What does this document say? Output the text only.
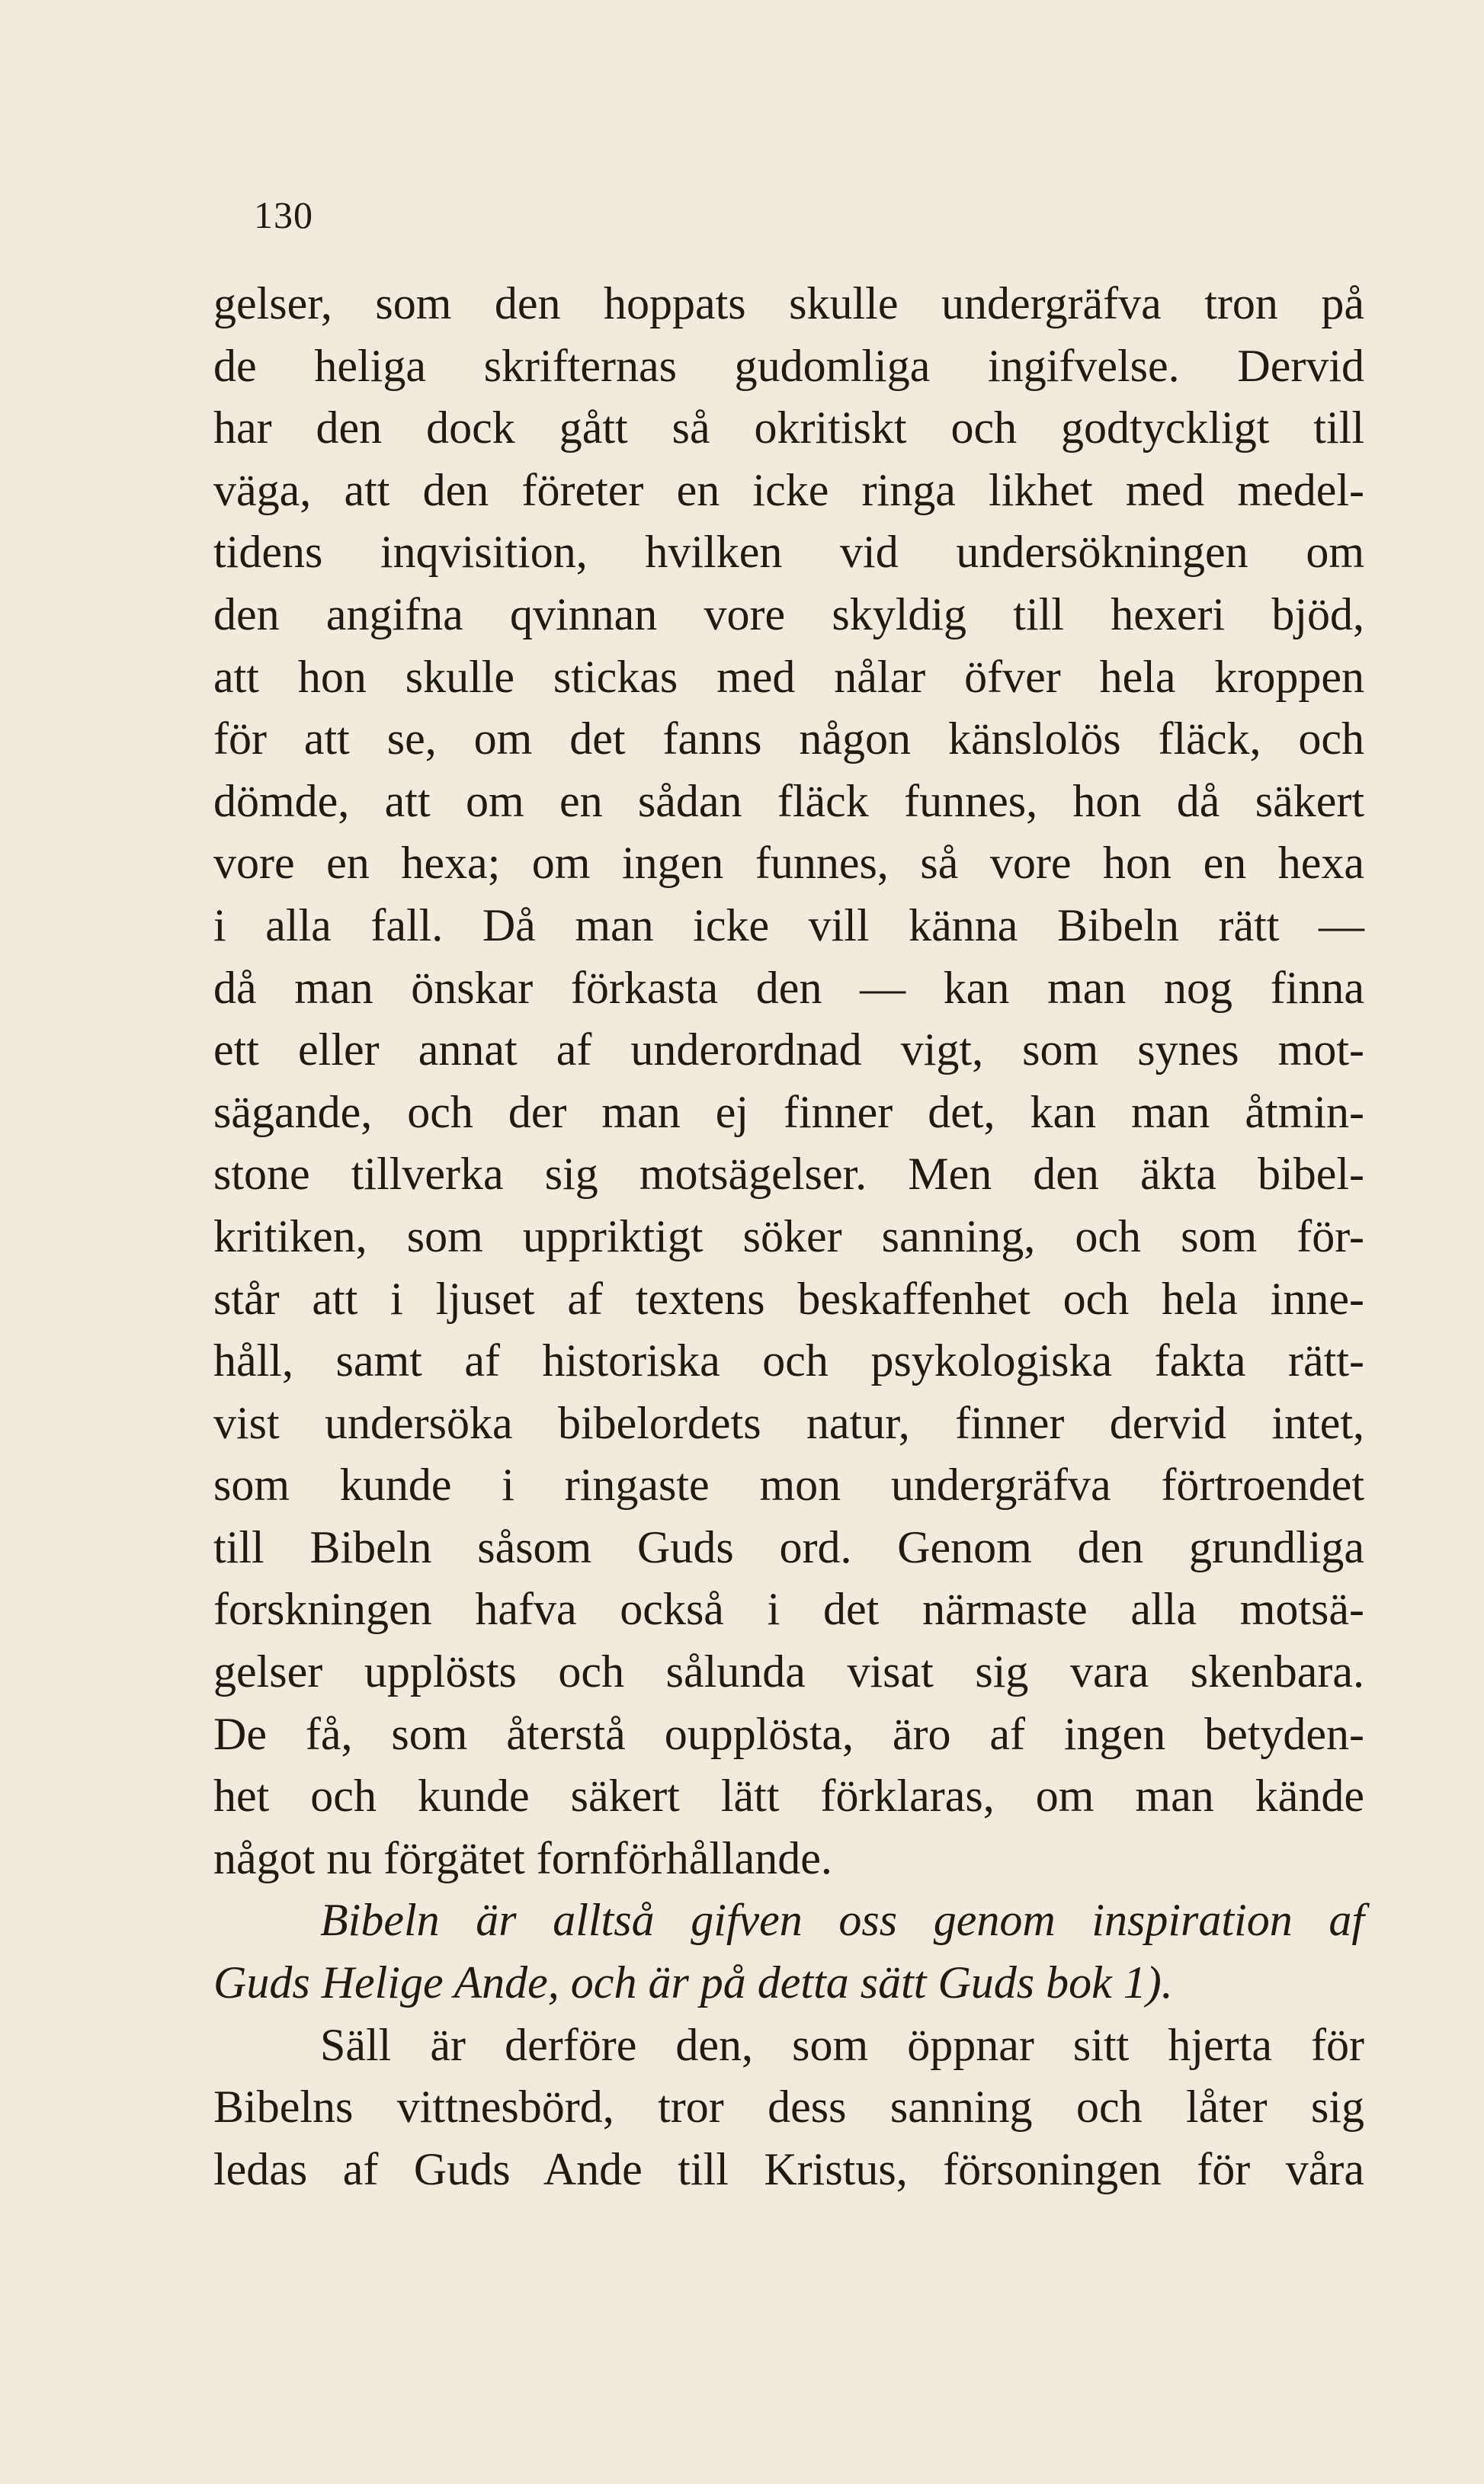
130
gelser, som den hoppats skulle undergräfva tron på
de heliga skrifternas gudomliga ingifvelse. Dervid
har den dock gått så okritiskt och godtyckligt till
väga, att den företer en icke ringa likhet med medel-
tidens inqvisition, hvilken vid undersökningen om
den angifna qvinnan vore skyldig till hexeri bjöd,
att hon skulle stickas med nålar öfver hela kroppen
för att se, om det fanns någon känslolös fläck, och
dömde, att om en sådan fläck funnes, hon då säkert
vore en hexa; om ingen funnes, så vore hon en hexa
i alla fall. Då man icke vill känna Bibeln rätt —
då man önskar förkasta den — kan man nog finna
ett eller annat af underordnad vigt, som synes mot-
sägande, och der man ej finner det, kan man åtmin-
stone tillverka sig motsägelser. Men den äkta bibel-
kritiken, som uppriktigt söker sanning, och som för-
står att i ljuset af textens beskaffenhet och hela inne-
håll, samt af historiska och psykologiska fakta rätt-
vist undersöka bibelordets natur, finner dervid intet,
som kunde i ringaste mon undergräfva förtroendet
till Bibeln såsom Guds ord. Genom den grundliga
forskningen hafva också i det närmaste alla motsä-
gelser upplösts och sålunda visat sig vara skenbara.
De få, som återstå oupplösta, äro af ingen betyden-
het och kunde säkert lätt förklaras, om man kände
något nu förgätet fornförhållande.
Bibeln är alltså gifven oss genom inspiration af
Guds Helige Ande, och är på detta sätt Guds bok 1).
Säll är derföre den, som öppnar sitt hjerta för
Bibelns vittnesbörd, tror dess sanning och låter sig
ledas af Guds Ande till Kristus, försoningen för våra
